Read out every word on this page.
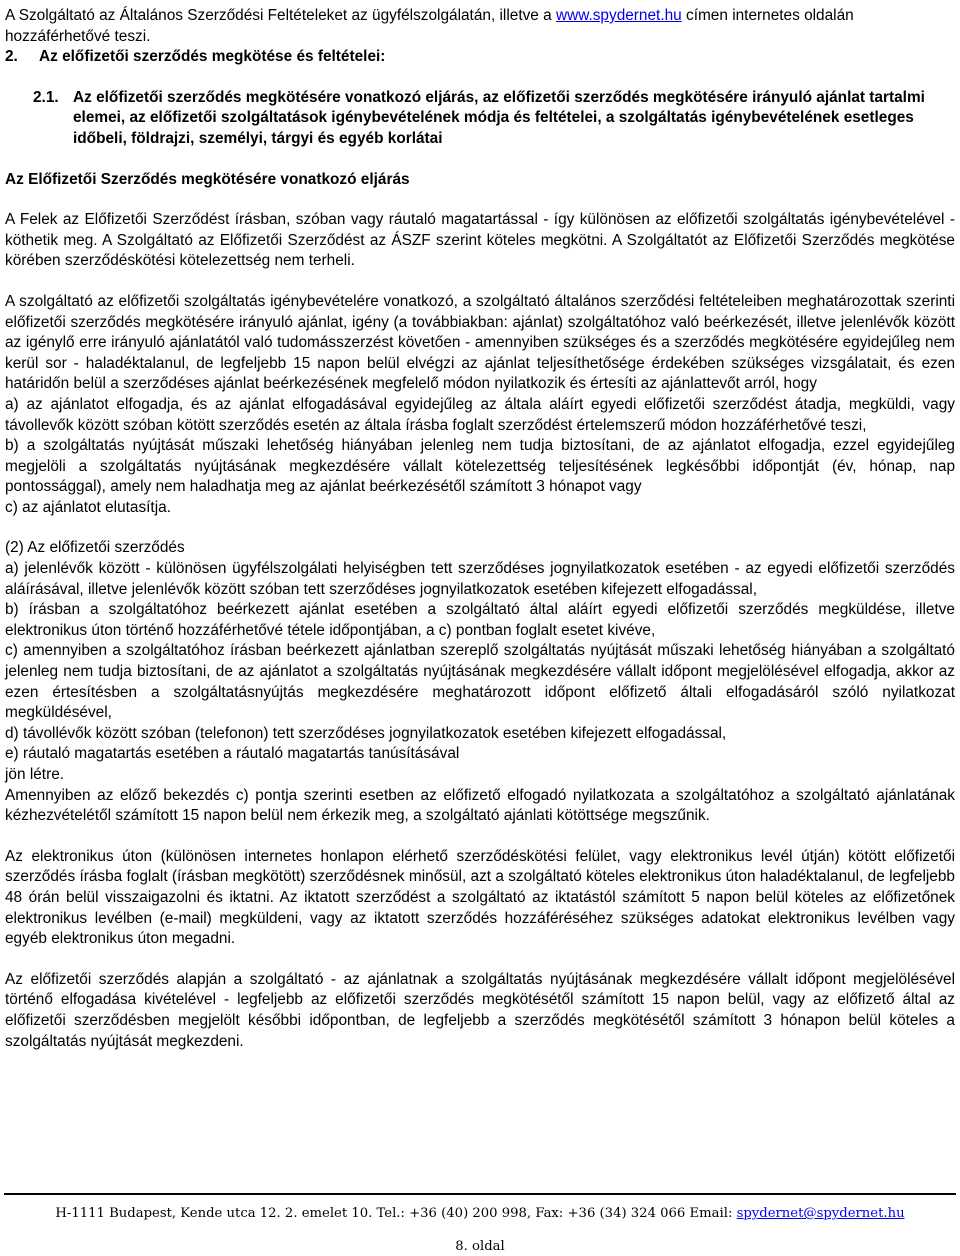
A Szolgáltató az Általános Szerződési Feltételeket az ügyfélszolgálatán, illetve a www.spydernet.hu címen internetes oldalán hozzáférhetővé teszi.

2.	Az előfizetői szerződés megkötése és feltételei:
2.1. Az előfizetői szerződés megkötésére vonatkozó eljárás, az előfizetői szerződés megkötésére irányuló ajánlat tartalmi elemei, az előfizetői szolgáltatások igénybevételének módja és feltételei, a szolgáltatás igénybevételének esetleges időbeli, földrajzi, személyi, tárgyi és egyéb korlátai

Az Előfizetői Szerződés megkötésére vonatkozó eljárás

A Felek az Előfizetői Szerződést írásban, szóban vagy ráutaló magatartással - így különösen az előfizetői szolgáltatás igénybevételével - köthetik meg. A Szolgáltató az Előfizetői Szerződést az ÁSZF szerint köteles megkötni. A Szolgáltatót az Előfizetői Szerződés megkötése körében szerződéskötési kötelezettség nem terheli.

A szolgáltató az előfizetői szolgáltatás igénybevételére vonatkozó, a szolgáltató általános szerződési feltételeiben meghatározottak szerinti előfizetői szerződés megkötésére irányuló ajánlat, igény (a továbbiakban: ajánlat) szolgáltatóhoz való beérkezését, illetve jelenlévők között az igénylő erre irányuló ajánlatától való tudomásszerzést követően - amennyiben szükséges és a szerződés megkötésére egyidejűleg nem kerül sor - haladéktalanul, de legfeljebb 15 napon belül elvégzi az ajánlat teljesíthetősége érdekében szükséges vizsgálatait, és ezen határidőn belül a szerződéses ajánlat beérkezésének megfelelő módon nyilatkozik és értesíti az ajánlattevőt arról, hogy

a) az ajánlatot elfogadja, és az ajánlat elfogadásával egyidejűleg az általa aláírt egyedi előfizetői szerződést átadja, megküldi, vagy távollevők között szóban kötött szerződés esetén az általa írásba foglalt szerződést értelemszerű módon hozzáférhetővé teszi,

b) a szolgáltatás nyújtását műszaki lehetőség hiányában jelenleg nem tudja biztosítani, de az ajánlatot elfogadja, ezzel egyidejűleg megjelöli a szolgáltatás nyújtásának megkezdésére vállalt kötelezettség teljesítésének legkésőbbi időpontját (év, hónap, nap pontossággal), amely nem haladhatja meg az ajánlat beérkezésétől számított 3 hónapot vagy

c) az ajánlatot elutasítja.

(2) Az előfizetői szerződés

a) jelenlévők között - különösen ügyfélszolgálati helyiségben tett szerződéses jognyilatkozatok esetében - az egyedi előfizetői szerződés aláírásával, illetve jelenlévők között szóban tett szerződéses jognyilatkozatok esetében kifejezett elfogadással,

b) írásban a szolgáltatóhoz beérkezett ajánlat esetében a szolgáltató által aláírt egyedi előfizetői szerződés megküldése, illetve elektronikus úton történő hozzáférhetővé tétele időpontjában, a c) pontban foglalt esetet kivéve,

c) amennyiben a szolgáltatóhoz írásban beérkezett ajánlatban szereplő szolgáltatás nyújtását műszaki lehetőség hiányában a szolgáltató jelenleg nem tudja biztosítani, de az ajánlatot a szolgáltatás nyújtásának megkezdésére vállalt időpont megjelölésével elfogadja, akkor az ezen értesítésben a szolgáltatásnyújtás megkezdésére meghatározott időpont előfizető általi elfogadásáról szóló nyilatkozat megküldésével,

d) távollévők között szóban (telefonon) tett szerződéses jognyilatkozatok esetében kifejezett elfogadással,

e) ráutaló magatartás esetében a ráutaló magatartás tanúsításával

jön létre.

Amennyiben az előző bekezdés c) pontja szerinti esetben az előfizető elfogadó nyilatkozata a szolgáltatóhoz a szolgáltató ajánlatának kézhezvételétől számított 15 napon belül nem érkezik meg, a szolgáltató ajánlati kötöttsége megszűnik.

Az elektronikus úton (különösen internetes honlapon elérhető szerződéskötési felület, vagy elektronikus levél útján) kötött előfizetői szerződés írásba foglalt (írásban megkötött) szerződésnek minősül, azt a szolgáltató köteles elektronikus úton haladéktalanul, de legfeljebb 48 órán belül visszaigazolni és iktatni. Az iktatott szerződést a szolgáltató az iktatástól számított 5 napon belül köteles az előfizetőnek elektronikus levélben (e-mail) megküldeni, vagy az iktatott szerződés hozzáféréséhez szükséges adatokat elektronikus levélben vagy egyéb elektronikus úton megadni.

Az előfizetői szerződés alapján a szolgáltató - az ajánlatnak a szolgáltatás nyújtásának megkezdésére vállalt időpont megjelölésével történő elfogadása kivételével - legfeljebb az előfizetői szerződés megkötésétől számított 15 napon belül, vagy az előfizető által az előfizetői szerződésben megjelölt későbbi időpontban, de legfeljebb a szerződés megkötésétől számított 3 hónapon belül köteles a szolgáltatás nyújtását megkezdeni.

H-1111 Budapest, Kende utca 12. 2. emelet 10. Tel.: +36 (40) 200 998, Fax: +36 (34) 324 066 Email: spydernet@spydernet.hu
8. oldal
